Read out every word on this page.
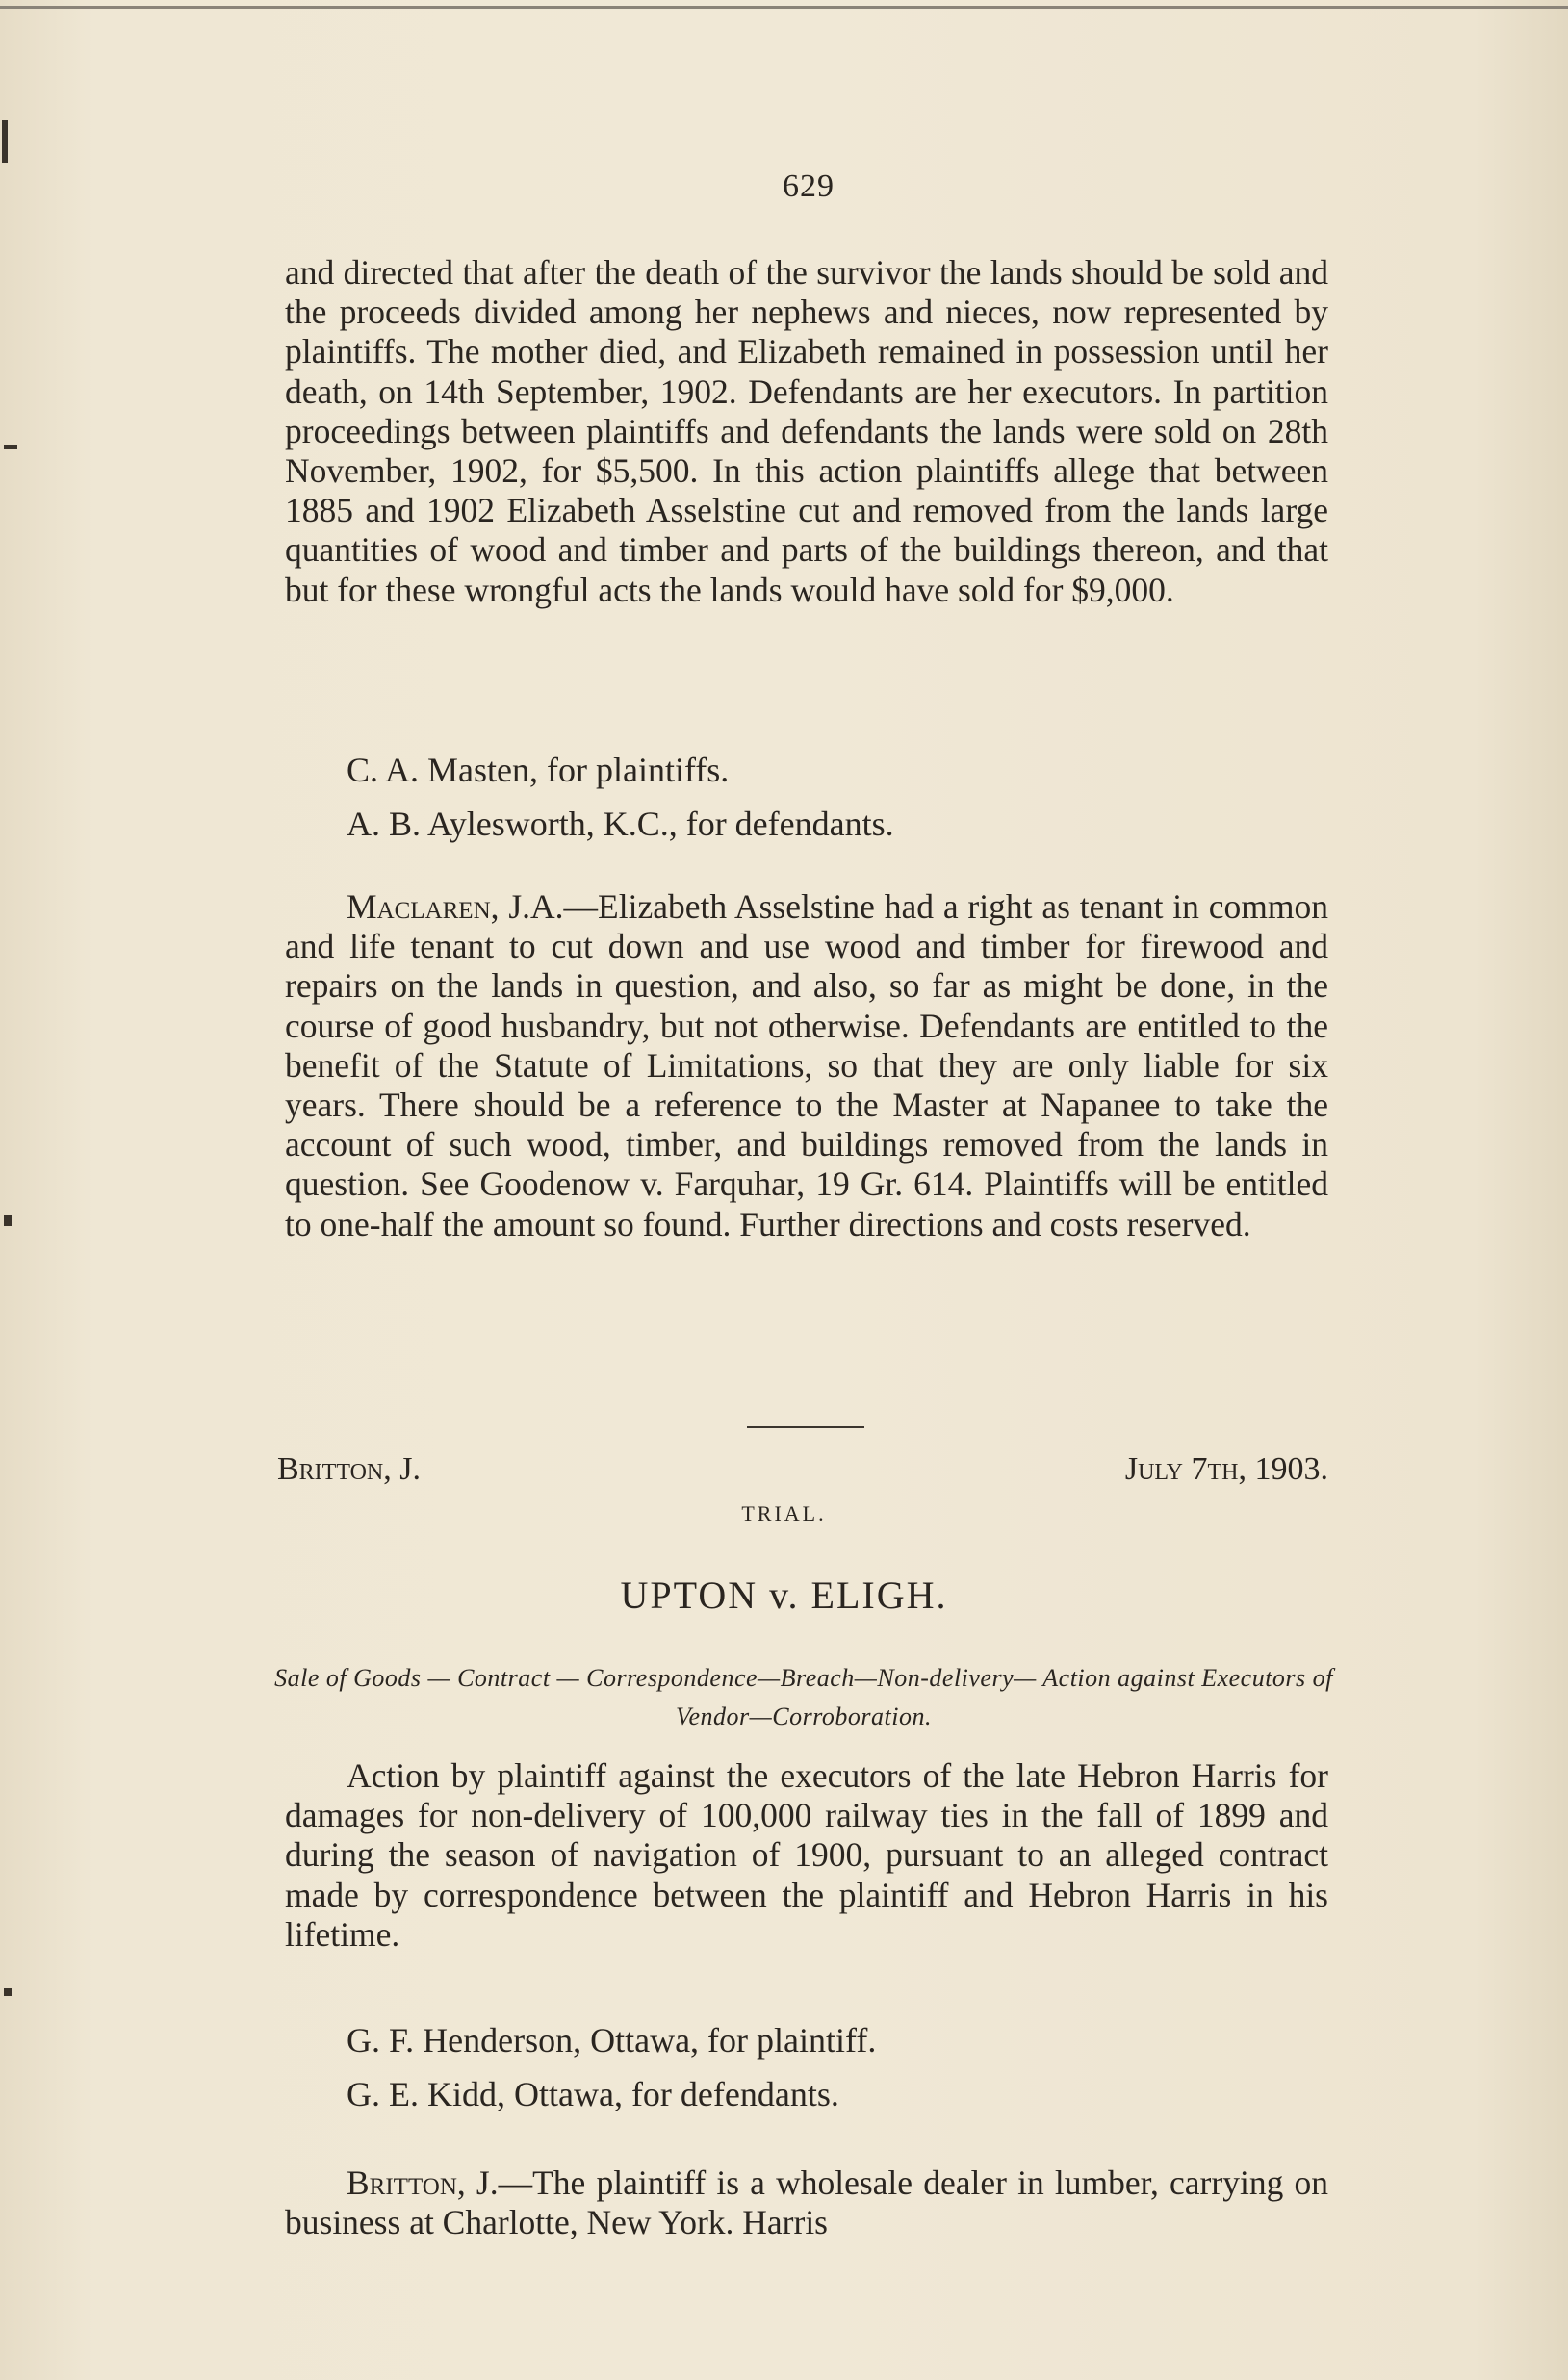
629

and directed that after the death of the survivor the lands should be sold and the proceeds divided among her nephews and nieces, now represented by plaintiffs. The mother died, and Elizabeth remained in possession until her death, on 14th September, 1902. Defendants are her executors. In partition proceedings between plaintiffs and defendants the lands were sold on 28th November, 1902, for $5,500. In this action plaintiffs allege that between 1885 and 1902 Elizabeth Asselstine cut and removed from the lands large quantities of wood and timber and parts of the buildings thereon, and that but for these wrongful acts the lands would have sold for $9,000.

C. A. Masten, for plaintiffs.

A. B. Aylesworth, K.C., for defendants.

Maclaren, J.A.—Elizabeth Asselstine had a right as tenant in common and life tenant to cut down and use wood and timber for firewood and repairs on the lands in question, and also, so far as might be done, in the course of good husbandry, but not otherwise. Defendants are entitled to the benefit of the Statute of Limitations, so that they are only liable for six years. There should be a reference to the Master at Napanee to take the account of such wood, timber, and buildings removed from the lands in question. See Goodenow v. Farquhar, 19 Gr. 614. Plaintiffs will be entitled to one-half the amount so found. Further directions and costs reserved.

Britton, J.	July 7th, 1903.
TRIAL.
UPTON v. ELIGH.
Sale of Goods — Contract — Correspondence—Breach—Non-delivery— Action against Executors of Vendor—Corroboration.

Action by plaintiff against the executors of the late Hebron Harris for damages for non-delivery of 100,000 railway ties in the fall of 1899 and during the season of navigation of 1900, pursuant to an alleged contract made by correspondence between the plaintiff and Hebron Harris in his lifetime.

G. F. Henderson, Ottawa, for plaintiff.

G. E. Kidd, Ottawa, for defendants.

Britton, J.—The plaintiff is a wholesale dealer in lumber, carrying on business at Charlotte, New York. Harris
